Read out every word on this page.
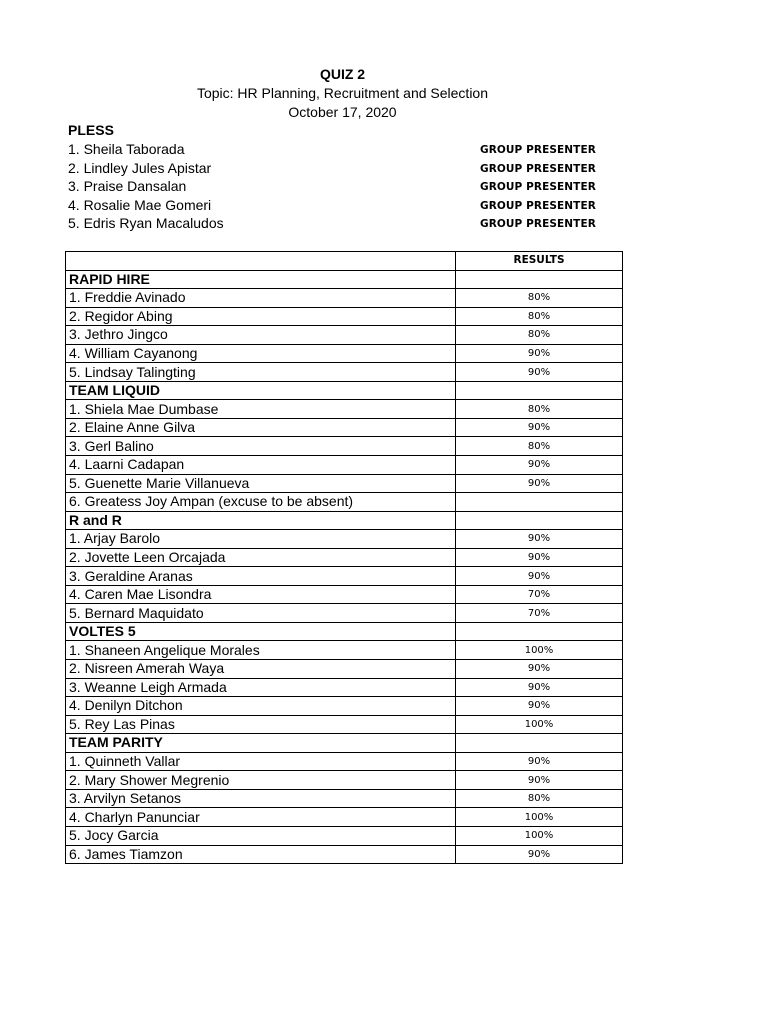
QUIZ 2
Topic: HR Planning, Recruitment and Selection
October 17, 2020
PLESS
1. Sheila Taborada	GROUP PRESENTER
2. Lindley Jules Apistar	GROUP PRESENTER
3. Praise Dansalan	GROUP PRESENTER
4. Rosalie Mae Gomeri	GROUP PRESENTER
5. Edris Ryan Macaludos	GROUP PRESENTER
	RESULTS
RAPID HIRE	
1. Freddie Avinado	80%
2. Regidor Abing	80%
3. Jethro Jingco	80%
4. William Cayanong	90%
5. Lindsay Talingting	90%
TEAM LIQUID	
1. Shiela Mae Dumbase	80%
2. Elaine Anne Gilva	90%
3. Gerl Balino	80%
4. Laarni Cadapan	90%
5. Guenette Marie Villanueva	90%
6. Greatess Joy Ampan (excuse to be absent)	
R and R	
1. Arjay Barolo	90%
2. Jovette Leen Orcajada	90%
3. Geraldine Aranas	90%
4. Caren Mae Lisondra	70%
5. Bernard Maquidato	70%
VOLTES 5	
1. Shaneen Angelique Morales	100%
2. Nisreen Amerah Waya	90%
3. Weanne Leigh Armada	90%
4. Denilyn Ditchon	90%
5. Rey Las Pinas	100%
TEAM PARITY	
1. Quinneth Vallar	90%
2. Mary Shower Megrenio	90%
3. Arvilyn Setanos	80%
4. Charlyn Panunciar	100%
5. Jocy Garcia	100%
6. James Tiamzon	90%
